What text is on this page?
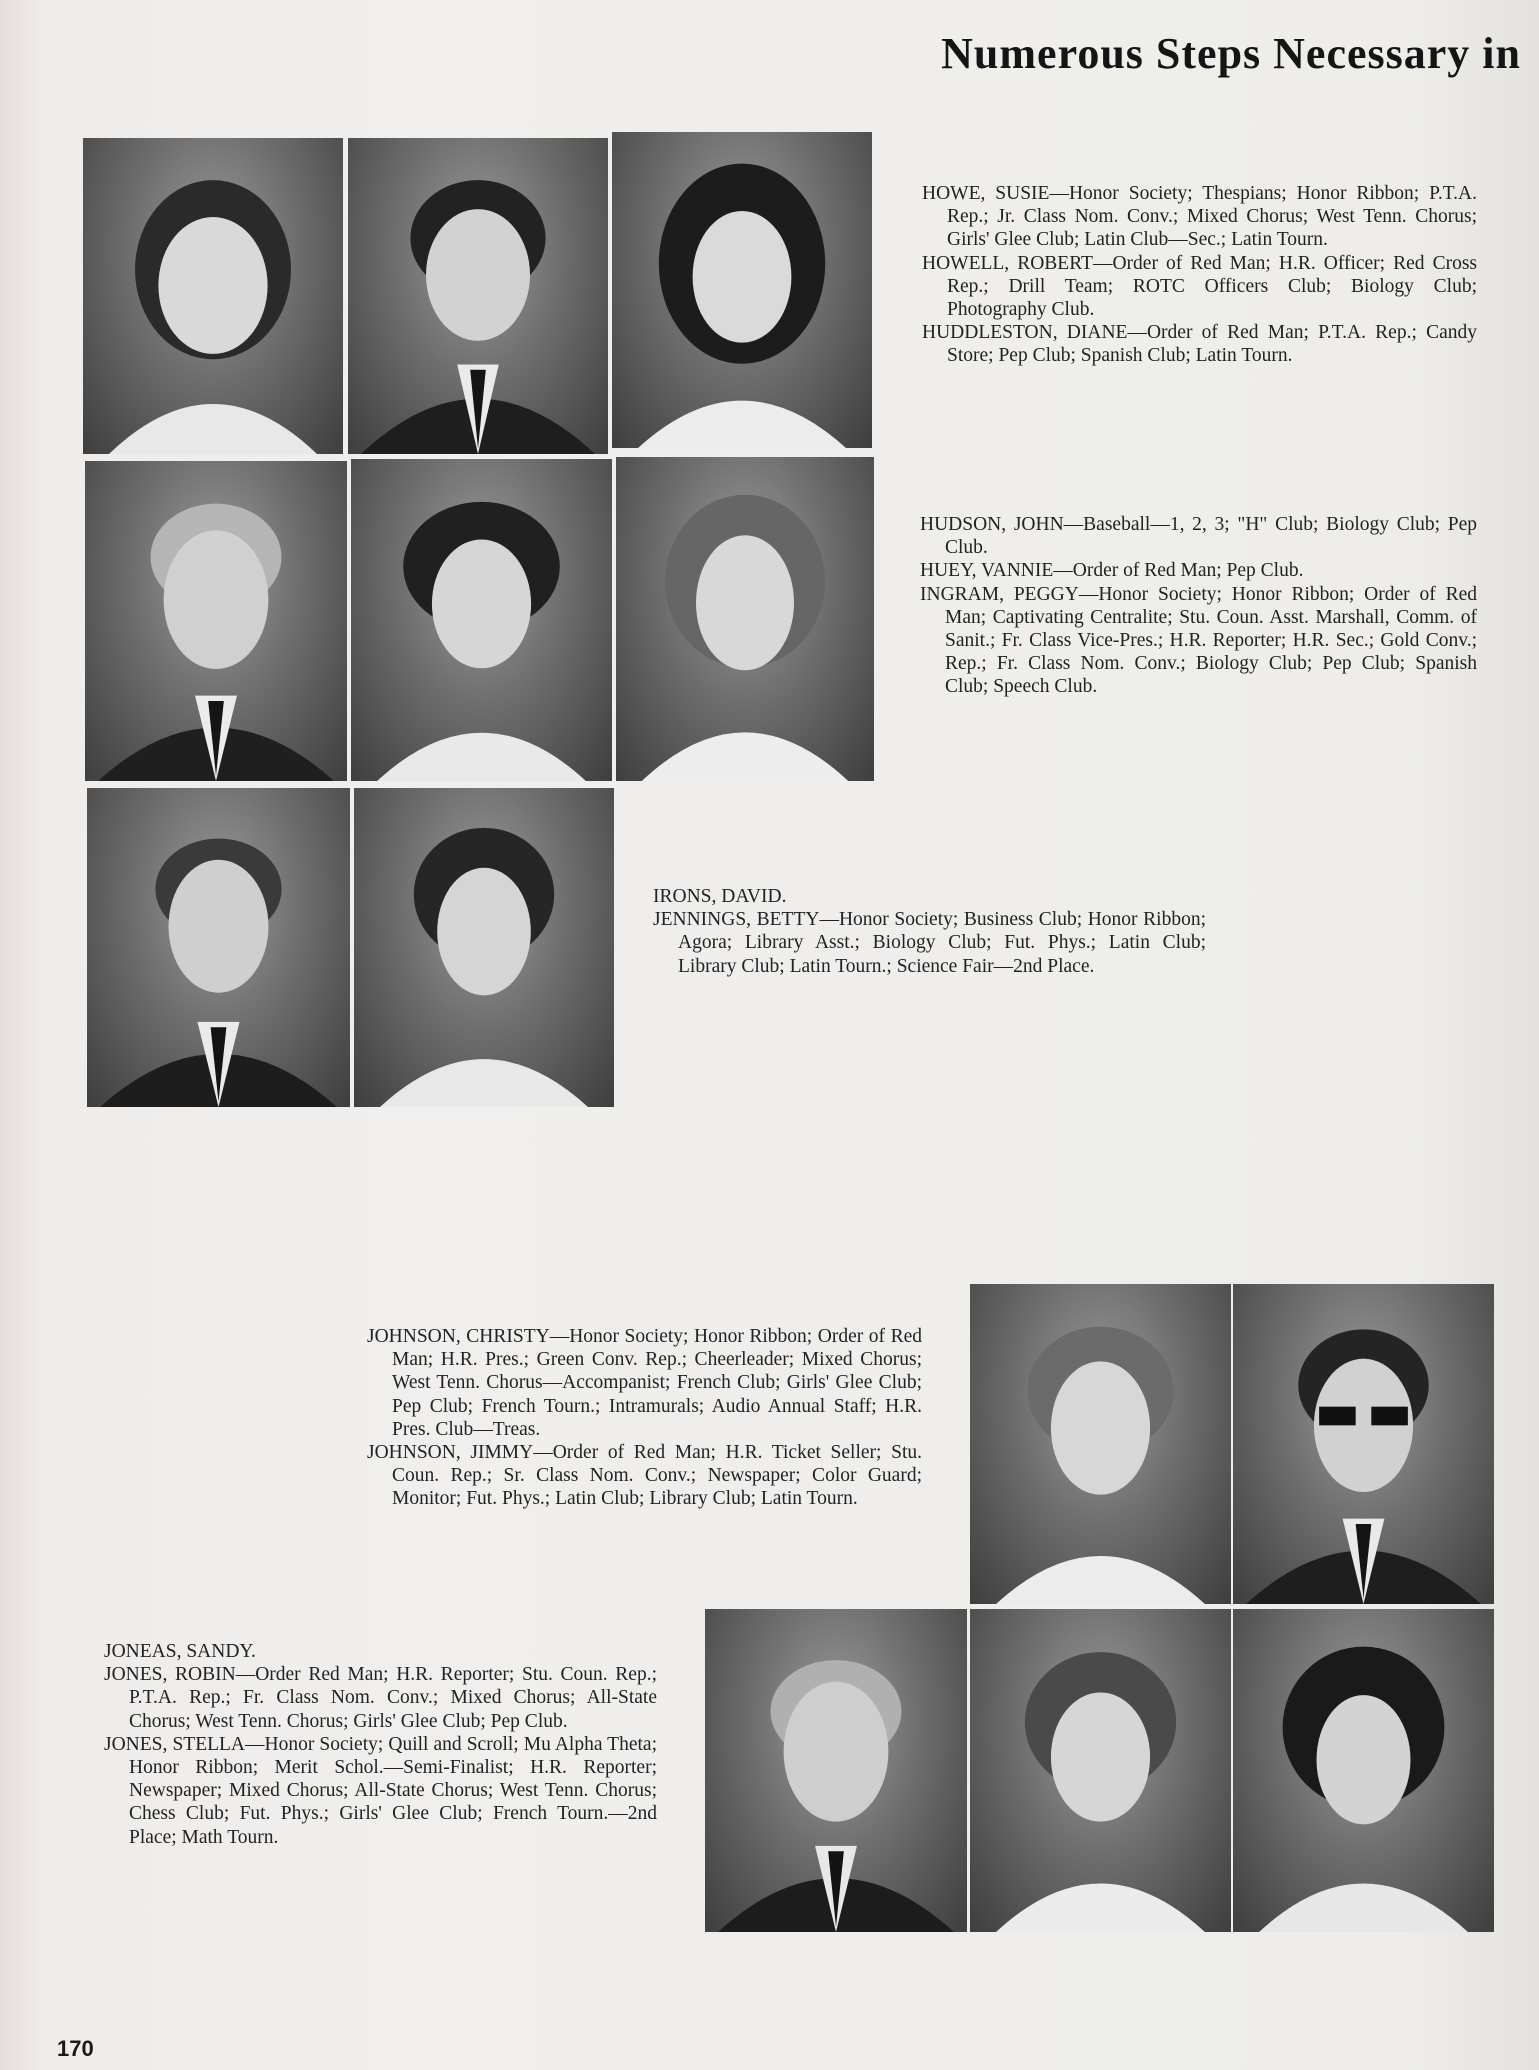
Numerous Steps Necessary in

HOWE, SUSIE—Honor Society; Thespians; Honor Ribbon; P.T.A. Rep.; Jr. Class Nom. Conv.; Mixed Chorus; West Tenn. Chorus; Girls' Glee Club; Latin Club—Sec.; Latin Tourn.

HOWELL, ROBERT—Order of Red Man; H.R. Officer; Red Cross Rep.; Drill Team; ROTC Officers Club; Biology Club; Photography Club.

HUDDLESTON, DIANE—Order of Red Man; P.T.A. Rep.; Candy Store; Pep Club; Spanish Club; Latin Tourn.

HUDSON, JOHN—Baseball—1, 2, 3; "H" Club; Biology Club; Pep Club.

HUEY, VANNIE—Order of Red Man; Pep Club.

INGRAM, PEGGY—Honor Society; Honor Ribbon; Order of Red Man; Captivating Centralite; Stu. Coun. Asst. Marshall, Comm. of Sanit.; Fr. Class Vice-Pres.; H.R. Reporter; H.R. Sec.; Gold Conv.; Rep.; Fr. Class Nom. Conv.; Biology Club; Pep Club; Spanish Club; Speech Club.

IRONS, DAVID.

JENNINGS, BETTY—Honor Society; Business Club; Honor Ribbon; Agora; Library Asst.; Biology Club; Fut. Phys.; Latin Club; Library Club; Latin Tourn.; Science Fair—2nd Place.

JOHNSON, CHRISTY—Honor Society; Honor Ribbon; Order of Red Man; H.R. Pres.; Green Conv. Rep.; Cheerleader; Mixed Chorus; West Tenn. Chorus—Accompanist; French Club; Girls' Glee Club; Pep Club; French Tourn.; Intramurals; Audio Annual Staff; H.R. Pres. Club—Treas.

JOHNSON, JIMMY—Order of Red Man; H.R. Ticket Seller; Stu. Coun. Rep.; Sr. Class Nom. Conv.; Newspaper; Color Guard; Monitor; Fut. Phys.; Latin Club; Library Club; Latin Tourn.

JONEAS, SANDY.

JONES, ROBIN—Order Red Man; H.R. Reporter; Stu. Coun. Rep.; P.T.A. Rep.; Fr. Class Nom. Conv.; Mixed Chorus; All-State Chorus; West Tenn. Chorus; Girls' Glee Club; Pep Club.

JONES, STELLA—Honor Society; Quill and Scroll; Mu Alpha Theta; Honor Ribbon; Merit Schol.—Semi-Finalist; H.R. Reporter; Newspaper; Mixed Chorus; All-State Chorus; West Tenn. Chorus; Chess Club; Fut. Phys.; Girls' Glee Club; French Tourn.—2nd Place; Math Tourn.

170
